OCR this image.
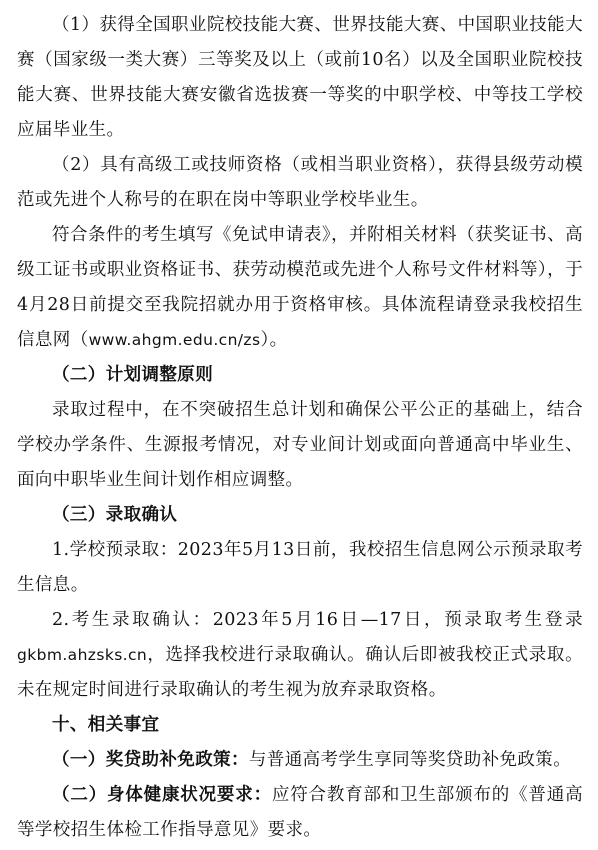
（1）获得全国职业院校技能大赛、世界技能大赛、中国职业技能大赛（国家级一类大赛）三等奖及以上（或前10名）以及全国职业院校技能大赛、世界技能大赛安徽省选拔赛一等奖的中职学校、中等技工学校应届毕业生。
（2）具有高级工或技师资格（或相当职业资格），获得县级劳动模范或先进个人称号的在职在岗中等职业学校毕业生。
符合条件的考生填写《免试申请表》，并附相关材料（获奖证书、高级工证书或职业资格证书、获劳动模范或先进个人称号文件材料等），于4月28日前提交至我院招就办用于资格审核。具体流程请登录我校招生信息网（www.ahgm.edu.cn/zs）。
（二）计划调整原则
录取过程中，在不突破招生总计划和确保公平公正的基础上，结合学校办学条件、生源报考情况，对专业间计划或面向普通高中毕业生、面向中职毕业生间计划作相应调整。
（三）录取确认
1.学校预录取：2023年5月13日前，我校招生信息网公示预录取考生信息。
2.考生录取确认：2023年5月16日—17日，预录取考生登录gkbm.ahzsks.cn，选择我校进行录取确认。确认后即被我校正式录取。未在规定时间进行录取确认的考生视为放弃录取资格。
十、相关事宜
（一）奖贷助补免政策：与普通高考学生享同等奖贷助补免政策。
（二）身体健康状况要求：应符合教育部和卫生部颁布的《普通高等学校招生体检工作指导意见》要求。
